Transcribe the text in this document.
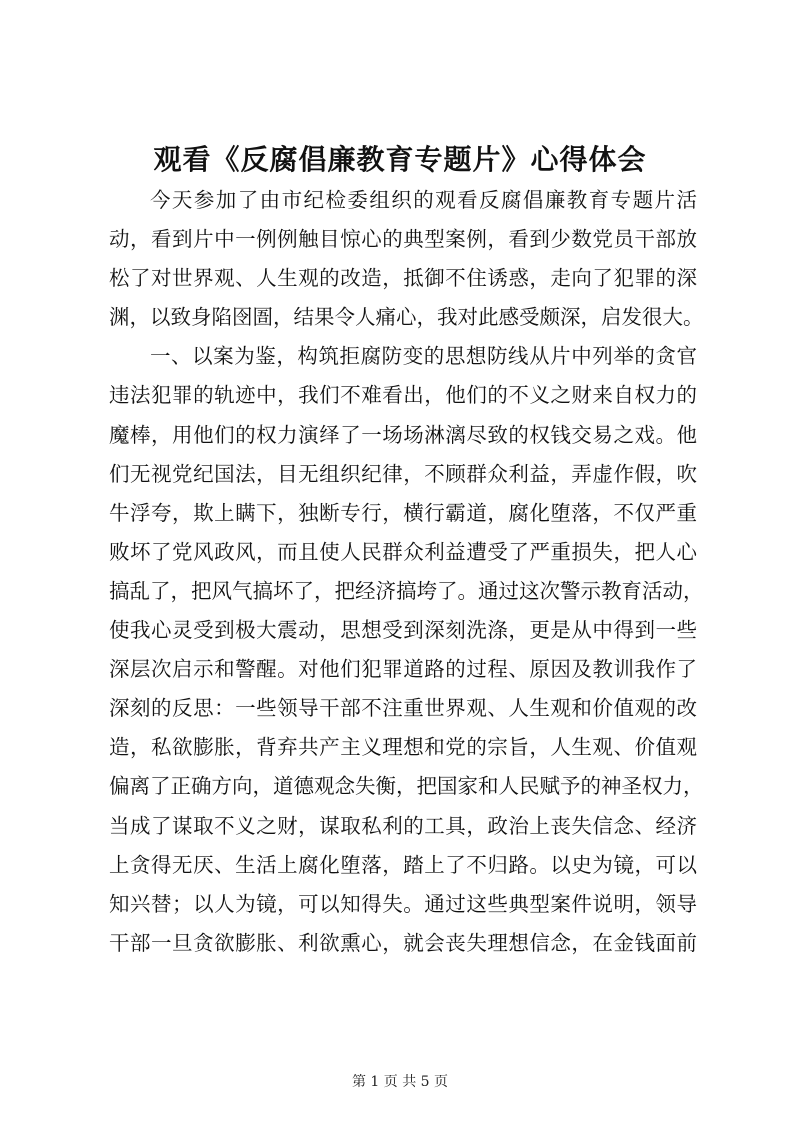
观看《反腐倡廉教育专题片》心得体会
今天参加了由市纪检委组织的观看反腐倡廉教育专题片活
动，看到片中一例例触目惊心的典型案例，看到少数党员干部放
松了对世界观、人生观的改造，抵御不住诱惑，走向了犯罪的深
渊，以致身陷囹圄，结果令人痛心，我对此感受颇深，启发很大。
一、以案为鉴，构筑拒腐防变的思想防线从片中列举的贪官
违法犯罪的轨迹中，我们不难看出，他们的不义之财来自权力的
魔棒，用他们的权力演绎了一场场淋漓尽致的权钱交易之戏。他
们无视党纪国法，目无组织纪律，不顾群众利益，弄虚作假，吹
牛浮夸，欺上瞒下，独断专行，横行霸道，腐化堕落，不仅严重
败坏了党风政风，而且使人民群众利益遭受了严重损失，把人心
搞乱了，把风气搞坏了，把经济搞垮了。通过这次警示教育活动，
使我心灵受到极大震动，思想受到深刻洗涤，更是从中得到一些
深层次启示和警醒。对他们犯罪道路的过程、原因及教训我作了
深刻的反思：一些领导干部不注重世界观、人生观和价值观的改
造，私欲膨胀，背弃共产主义理想和党的宗旨，人生观、价值观
偏离了正确方向，道德观念失衡，把国家和人民赋予的神圣权力，
当成了谋取不义之财，谋取私利的工具，政治上丧失信念、经济
上贪得无厌、生活上腐化堕落，踏上了不归路。以史为镜，可以
知兴替；以人为镜，可以知得失。通过这些典型案件说明，领导
干部一旦贪欲膨胀、利欲熏心，就会丧失理想信念，在金钱面前
第 1 页 共 5 页
